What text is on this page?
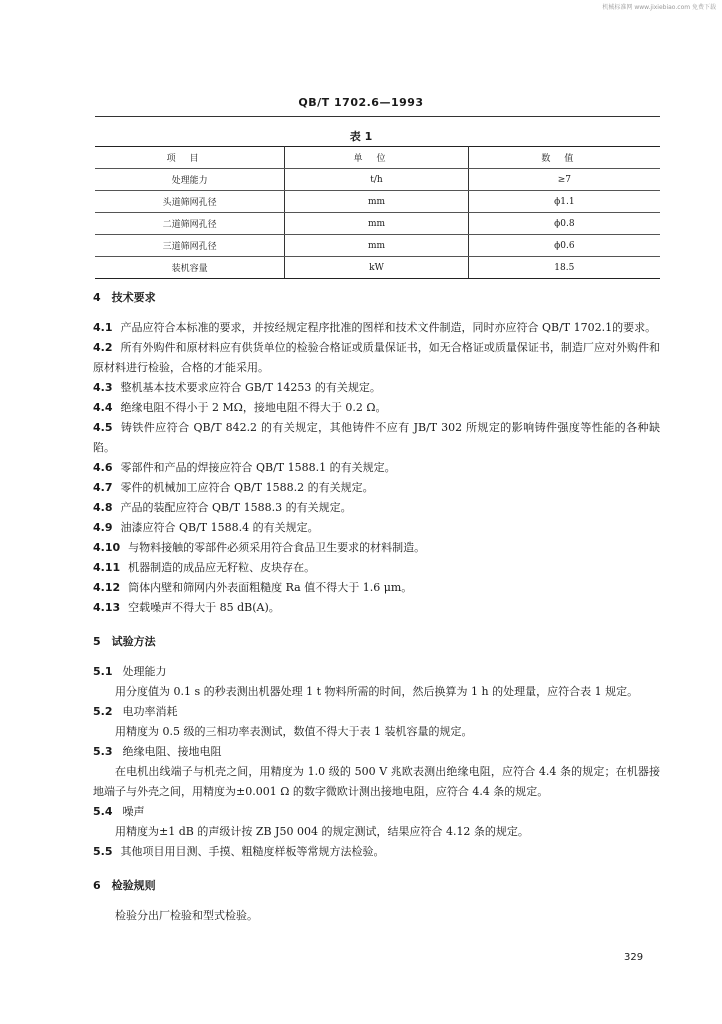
机械标准网 www.jixiebiao.com 免费下载
QB/T 1702.6—1993
表 1
项目	单位	数值
处理能力	t/h	≥7
头道筛网孔径	mm	ϕ1.1
二道筛网孔径	mm	ϕ0.8
三道筛网孔径	mm	ϕ0.6
装机容量	kW	18.5

4　技术要求

4.1 产品应符合本标准的要求，并按经规定程序批准的图样和技术文件制造，同时亦应符合 QB/T 1702.1的要求。

4.2 所有外购件和原材料应有供货单位的检验合格证或质量保证书，如无合格证或质量保证书，制造厂应对外购件和原材料进行检验，合格的才能采用。

4.3 整机基本技术要求应符合 GB/T 14253 的有关规定。

4.4 绝缘电阻不得小于 2 MΩ，接地电阻不得大于 0.2 Ω。

4.5 铸铁件应符合 QB/T 842.2 的有关规定，其他铸件不应有 JB/T 302 所规定的影响铸件强度等性能的各种缺陷。

4.6 零部件和产品的焊接应符合 QB/T 1588.1 的有关规定。

4.7 零件的机械加工应符合 QB/T 1588.2 的有关规定。

4.8 产品的装配应符合 QB/T 1588.3 的有关规定。

4.9 油漆应符合 QB/T 1588.4 的有关规定。

4.10 与物料接触的零部件必须采用符合食品卫生要求的材料制造。

4.11 机器制造的成品应无籽粒、皮块存在。

4.12 筒体内壁和筛网内外表面粗糙度 Ra 值不得大于 1.6 μm。

4.13 空载噪声不得大于 85 dB(A)。

5　试验方法

5.1 处理能力

用分度值为 0.1 s 的秒表测出机器处理 1 t 物料所需的时间，然后换算为 1 h 的处理量，应符合表 1 规定。

5.2 电功率消耗

用精度为 0.5 级的三相功率表测试，数值不得大于表 1 装机容量的规定。

5.3 绝缘电阻、接地电阻

在电机出线端子与机壳之间，用精度为 1.0 级的 500 V 兆欧表测出绝缘电阻，应符合 4.4 条的规定；在机器接地端子与外壳之间，用精度为±0.001 Ω 的数字微欧计测出接地电阻，应符合 4.4 条的规定。

5.4 噪声

用精度为±1 dB 的声级计按 ZB J50 004 的规定测试，结果应符合 4.12 条的规定。

5.5 其他项目用目测、手摸、粗糙度样板等常规方法检验。

6　检验规则

检验分出厂检验和型式检验。

329
